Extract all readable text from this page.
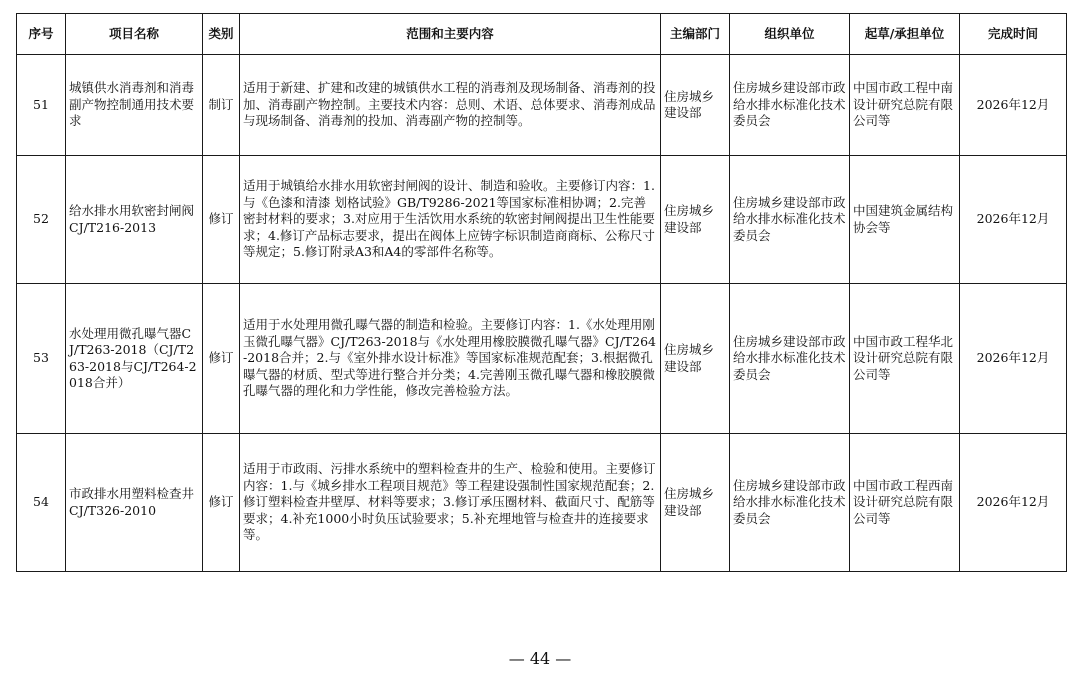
序号	项目名称	类别	范围和主要内容	主编部门	组织单位	起草/承担单位	完成时间
51	城镇供水消毒剂和消毒副产物控制通用技术要求	制订	适用于新建、扩建和改建的城镇供水工程的消毒剂及现场制备、消毒剂的投加、消毒副产物控制。主要技术内容：总则、术语、总体要求、消毒剂成品与现场制备、消毒剂的投加、消毒副产物的控制等。	住房城乡建设部	住房城乡建设部市政给水排水标准化技术委员会	中国市政工程中南设计研究总院有限公司等	2026年12月
52	给水排水用软密封闸阀CJ/T216-2013	修订	适用于城镇给水排水用软密封闸阀的设计、制造和验收。主要修订内容：1.与《色漆和清漆 划格试验》GB/T9286-2021等国家标准相协调；2.完善密封材料的要求；3.对应用于生活饮用水系统的软密封闸阀提出卫生性能要求；4.修订产品标志要求，提出在阀体上应铸字标识制造商商标、公称尺寸等规定；5.修订附录A3和A4的零部件名称等。	住房城乡建设部	住房城乡建设部市政给水排水标准化技术委员会	中国建筑金属结构协会等	2026年12月
53	水处理用微孔曝气器CJ/T263-2018（CJ/T263-2018与CJ/T264-2018合并）	修订	适用于水处理用微孔曝气器的制造和检验。主要修订内容：1.《水处理用刚玉微孔曝气器》CJ/T263-2018与《水处理用橡胶膜微孔曝气器》CJ/T264-2018合并；2.与《室外排水设计标准》等国家标准规范配套；3.根据微孔曝气器的材质、型式等进行整合并分类；4.完善刚玉微孔曝气器和橡胶膜微孔曝气器的理化和力学性能，修改完善检验方法。	住房城乡建设部	住房城乡建设部市政给水排水标准化技术委员会	中国市政工程华北设计研究总院有限公司等	2026年12月
54	市政排水用塑料检查井CJ/T326-2010	修订	适用于市政雨、污排水系统中的塑料检查井的生产、检验和使用。主要修订内容：1.与《城乡排水工程项目规范》等工程建设强制性国家规范配套；2.修订塑料检查井壁厚、材料等要求；3.修订承压圈材料、截面尺寸、配筋等要求；4.补充1000小时负压试验要求；5.补充埋地管与检查井的连接要求等。	住房城乡建设部	住房城乡建设部市政给水排水标准化技术委员会	中国市政工程西南设计研究总院有限公司等	2026年12月
— 44 —
